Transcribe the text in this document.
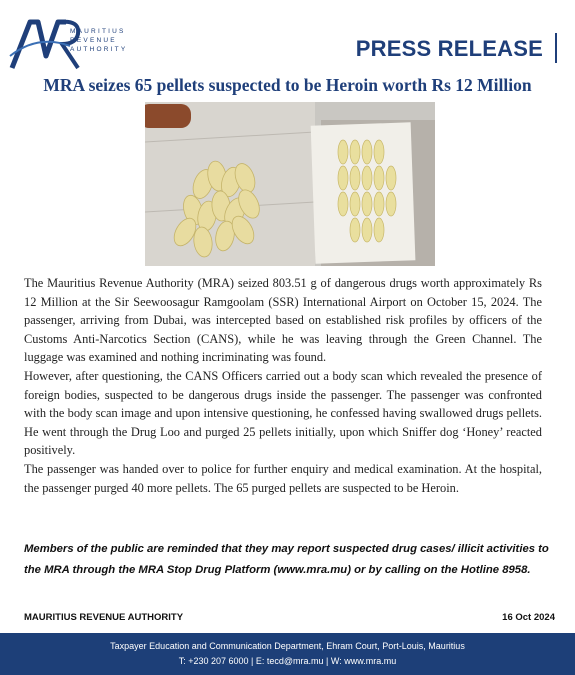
MAURITIUS
REVENUE
AUTHORITY	PRESS RELEASE
MRA seizes 65 pellets suspected to be Heroin worth Rs 12 Million

The Mauritius Revenue Authority (MRA) seized 803.51 g of dangerous drugs worth approximately Rs 12 Million at the Sir Seewoosagur Ramgoolam (SSR) International Airport on October 15, 2024. The passenger, arriving from Dubai, was intercepted based on established risk profiles by officers of the Customs Anti-Narcotics Section (CANS), while he was leaving through the Green Channel. The luggage was examined and nothing incriminating was found.

However, after questioning, the CANS Officers carried out a body scan which revealed the presence of foreign bodies, suspected to be dangerous drugs inside the passenger. The passenger was confronted with the body scan image and upon intensive questioning, he confessed having swallowed drugs pellets. He went through the Drug Loo and purged 25 pellets initially, upon which Sniffer dog ‘Honey’ reacted positively.

The passenger was handed over to police for further enquiry and medical examination. At the hospital, the passenger purged 40 more pellets. The 65 purged pellets are suspected to be Heroin.

Members of the public are reminded that they may report suspected drug cases/ illicit activities to the MRA through the MRA Stop Drug Platform (www.mra.mu) or by calling on the Hotline 8958.
MAURITIUS REVENUE AUTHORITY	16 Oct 2024
Taxpayer Education and Communication Department, Ehram Court, Port-Louis, Mauritius
T: +230 207 6000 | E: tecd@mra.mu | W: www.mra.mu
